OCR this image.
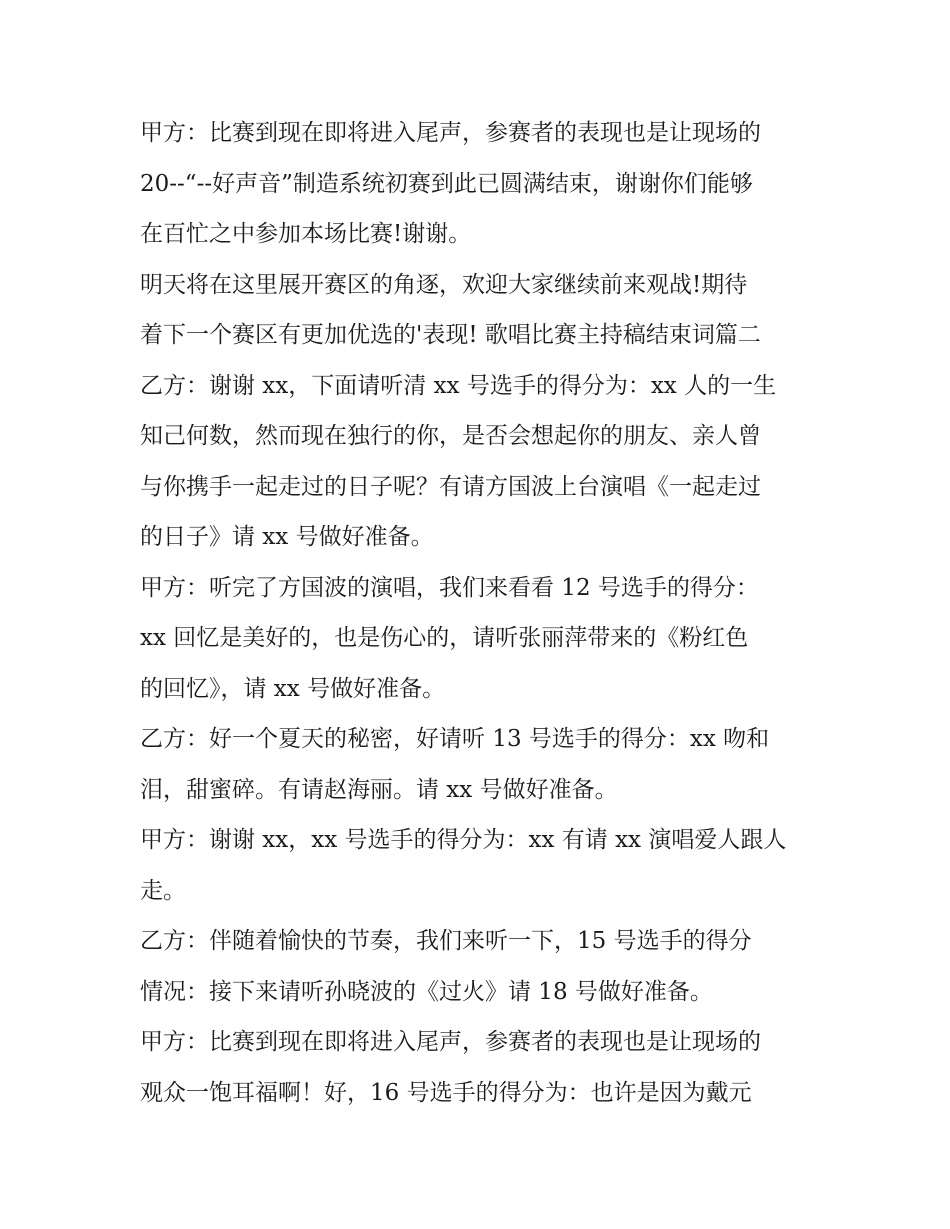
甲方：比赛到现在即将进入尾声，参赛者的表现也是让现场的
20--“--好声音”制造系统初赛到此已圆满结束，谢谢你们能够
在百忙之中参加本场比赛!谢谢。

明天将在这里展开赛区的角逐，欢迎大家继续前来观战!期待
着下一个赛区有更加优选的'表现! 歌唱比赛主持稿结束词篇二

乙方：谢谢 xx，下面请听清 xx 号选手的得分为：xx 人的一生
知己何数，然而现在独行的你，是否会想起你的朋友、亲人曾
与你携手一起走过的日子呢？有请方国波上台演唱《一起走过
的日子》请 xx 号做好准备。

甲方：听完了方国波的演唱，我们来看看 12 号选手的得分：
xx 回忆是美好的，也是伤心的，请听张丽萍带来的《粉红色
的回忆》，请 xx 号做好准备。

乙方：好一个夏天的秘密，好请听 13 号选手的得分：xx 吻和
泪，甜蜜碎。有请赵海丽。请 xx 号做好准备。

甲方：谢谢 xx，xx 号选手的得分为：xx 有请 xx 演唱爱人跟人
走。

乙方：伴随着愉快的节奏，我们来听一下，15 号选手的得分
情况：接下来请听孙晓波的《过火》请 18 号做好准备。

甲方：比赛到现在即将进入尾声，参赛者的表现也是让现场的
观众一饱耳福啊！好，16 号选手的得分为：也许是因为戴元
